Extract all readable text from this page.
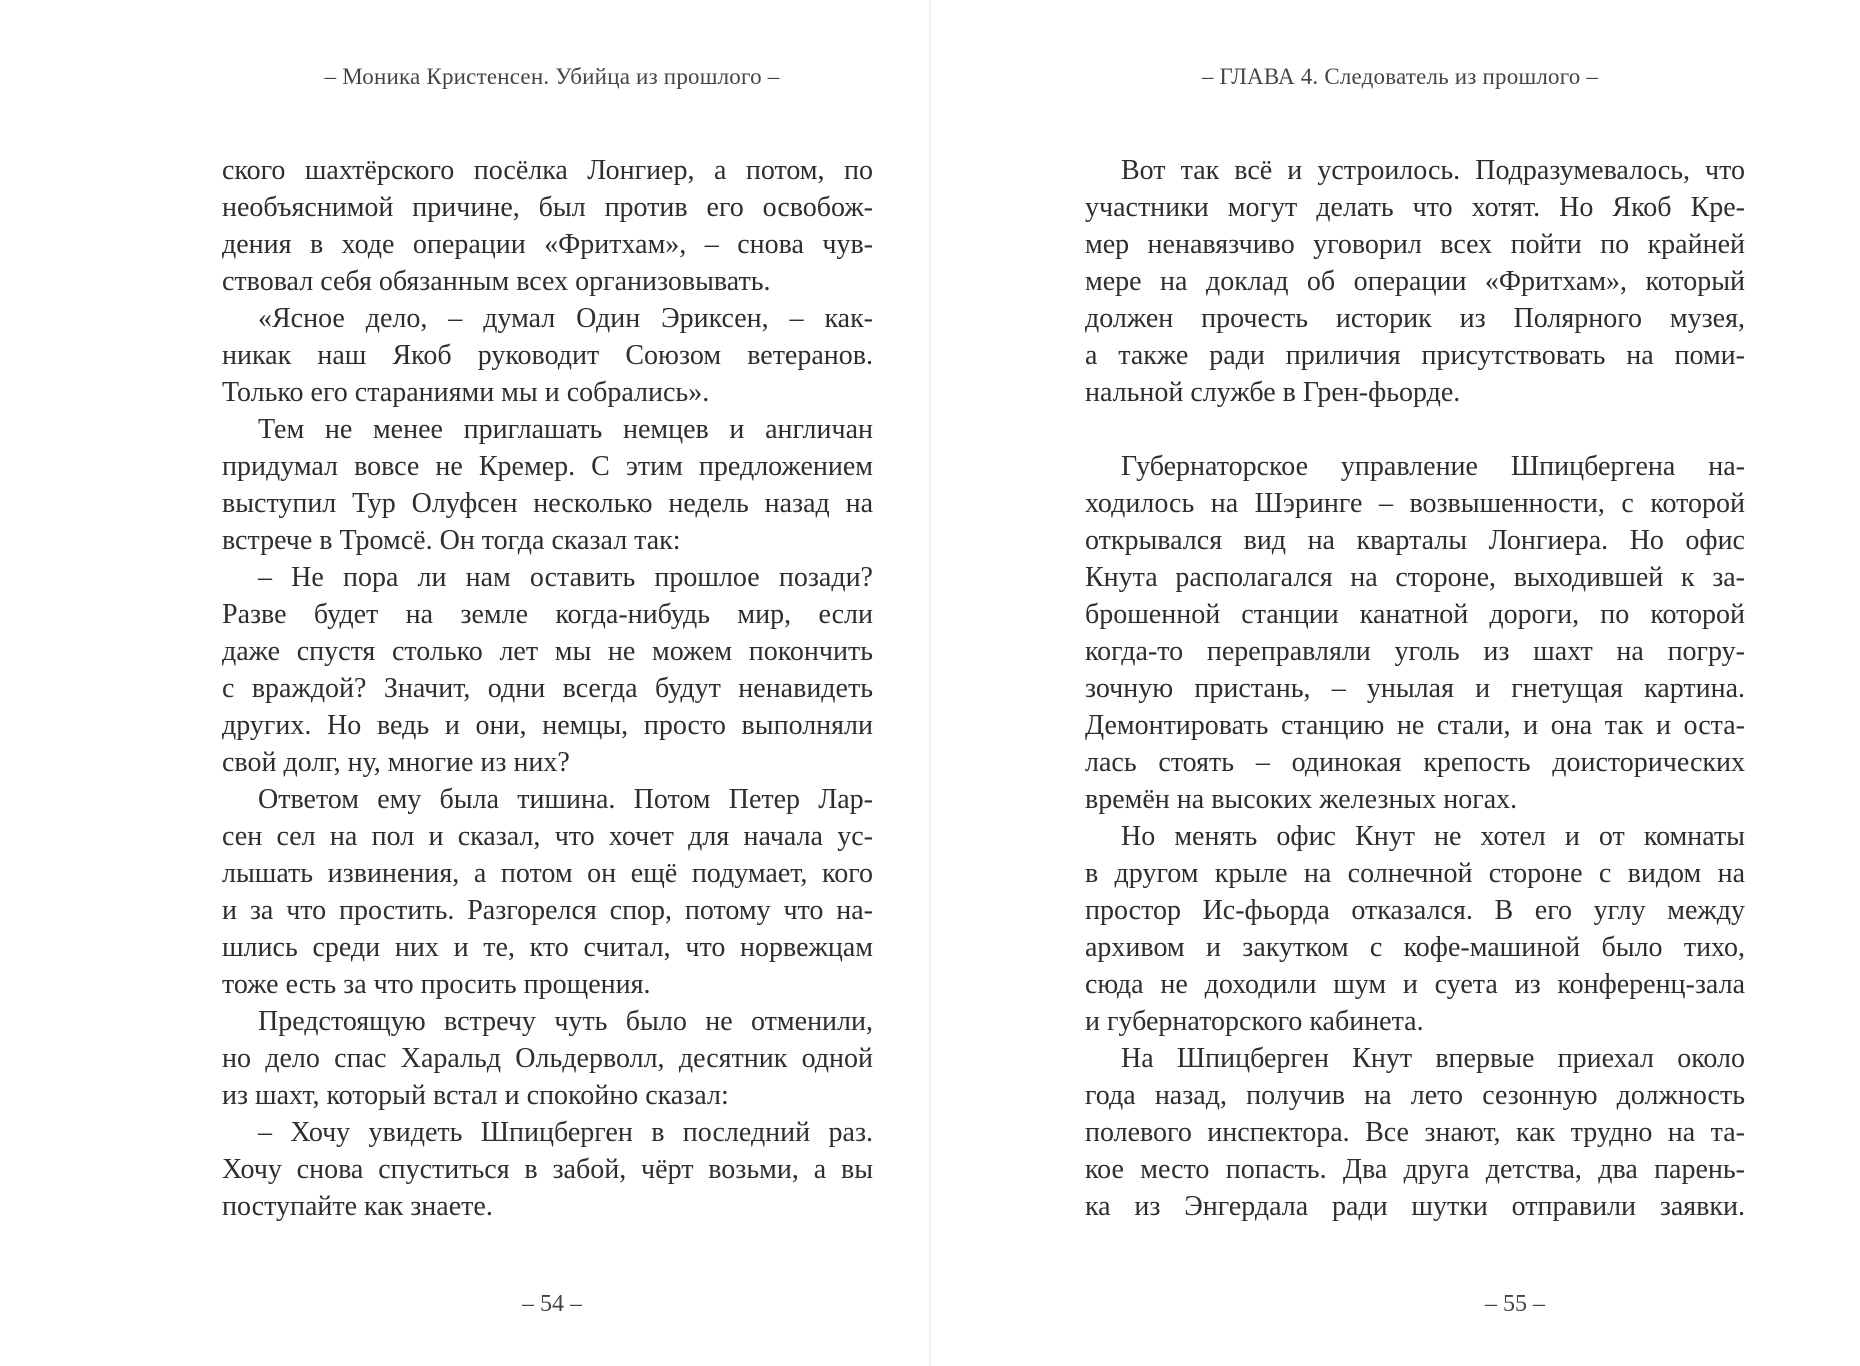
– Моника Кристенсен. Убийца из прошлого –
ского шахтёрского посёлка Лонгиер, а потом, по
необъяснимой причине, был против его освобож-
дения в ходе операции «Фритхам», – снова чув-
ствовал себя обязанным всех организовывать.
«Ясное дело, – думал Один Эриксен, – как-
никак наш Якоб руководит Союзом ветеранов.
Только его стараниями мы и собрались».
Тем не менее приглашать немцев и англичан
придумал вовсе не Кремер. С этим предложением
выступил Тур Олуфсен несколько недель назад на
встрече в Тромсё. Он тогда сказал так:
– Не пора ли нам оставить прошлое позади?
Разве будет на земле когда-нибудь мир, если
даже спустя столько лет мы не можем покончить
с враждой? Значит, одни всегда будут ненавидеть
других. Но ведь и они, немцы, просто выполняли
свой долг, ну, многие из них?
Ответом ему была тишина. Потом Петер Лар-
сен сел на пол и сказал, что хочет для начала ус-
лышать извинения, а потом он ещё подумает, кого
и за что простить. Разгорелся спор, потому что на-
шлись среди них и те, кто считал, что норвежцам
тоже есть за что просить прощения.
Предстоящую встречу чуть было не отменили,
но дело спас Харальд Ольдерволл, десятник одной
из шахт, который встал и спокойно сказал:
– Хочу увидеть Шпицберген в последний раз.
Хочу снова спуститься в забой, чёрт возьми, а вы
поступайте как знаете.
– 54 –
– ГЛАВА 4. Следователь из прошлого –
Вот так всё и устроилось. Подразумевалось, что
участники могут делать что хотят. Но Якоб Кре-
мер ненавязчиво уговорил всех пойти по крайней
мере на доклад об операции «Фритхам», который
должен прочесть историк из Полярного музея,
а также ради приличия присутствовать на поми-
нальной службе в Грен-фьорде.
Губернаторское управление Шпицбергена на-
ходилось на Шэринге – возвышенности, с которой
открывался вид на кварталы Лонгиера. Но офис
Кнута располагался на стороне, выходившей к за-
брошенной станции канатной дороги, по которой
когда-то переправляли уголь из шахт на погру-
зочную пристань, – унылая и гнетущая картина.
Демонтировать станцию не стали, и она так и оста-
лась стоять – одинокая крепость доисторических
времён на высоких железных ногах.
Но менять офис Кнут не хотел и от комнаты
в другом крыле на солнечной стороне с видом на
простор Ис-фьорда отказался. В его углу между
архивом и закутком с кофе-машиной было тихо,
сюда не доходили шум и суета из конференц-зала
и губернаторского кабинета.
На Шпицберген Кнут впервые приехал около
года назад, получив на лето сезонную должность
полевого инспектора. Все знают, как трудно на та-
кое место попасть. Два друга детства, два парень-
ка из Энгердала ради шутки отправили заявки.
– 55 –
